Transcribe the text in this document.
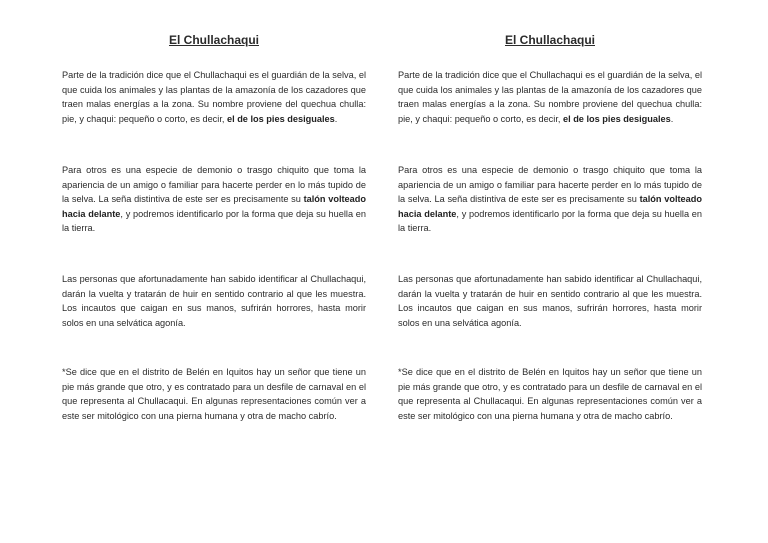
El Chullachaqui

Parte de la tradición dice que el Chullachaqui es el guardián de la selva, el que cuida los animales y las plantas de la amazonía de los cazadores que traen malas energías a la zona. Su nombre proviene del quechua chulla: pie, y chaqui: pequeño o corto, es decir, el de los pies desiguales.

Para otros es una especie de demonio o trasgo chiquito que toma la apariencia de un amigo o familiar para hacerte perder en lo más tupido de la selva. La seña distintiva de este ser es precisamente su talón volteado hacia delante, y podremos identificarlo por la forma que deja su huella en la tierra.

Las personas que afortunadamente han sabido identificar al Chullachaqui, darán la vuelta y tratarán de huir en sentido contrario al que les muestra. Los incautos que caigan en sus manos, sufrirán horrores, hasta morir solos en una selvática agonía.

*Se dice que en el distrito de Belén en Iquitos hay un señor que tiene un pie más grande que otro, y es contratado para un desfile de carnaval en el que representa al Chullacaqui. En algunas representaciones común ver a este ser mitológico con una pierna humana y otra de macho cabrío.

El Chullachaqui

Parte de la tradición dice que el Chullachaqui es el guardián de la selva, el que cuida los animales y las plantas de la amazonía de los cazadores que traen malas energías a la zona. Su nombre proviene del quechua chulla: pie, y chaqui: pequeño o corto, es decir, el de los pies desiguales.

Para otros es una especie de demonio o trasgo chiquito que toma la apariencia de un amigo o familiar para hacerte perder en lo más tupido de la selva. La seña distintiva de este ser es precisamente su talón volteado hacia delante, y podremos identificarlo por la forma que deja su huella en la tierra.

Las personas que afortunadamente han sabido identificar al Chullachaqui, darán la vuelta y tratarán de huir en sentido contrario al que les muestra. Los incautos que caigan en sus manos, sufrirán horrores, hasta morir solos en una selvática agonía.

*Se dice que en el distrito de Belén en Iquitos hay un señor que tiene un pie más grande que otro, y es contratado para un desfile de carnaval en el que representa al Chullacaqui. En algunas representaciones común ver a este ser mitológico con una pierna humana y otra de macho cabrío.
